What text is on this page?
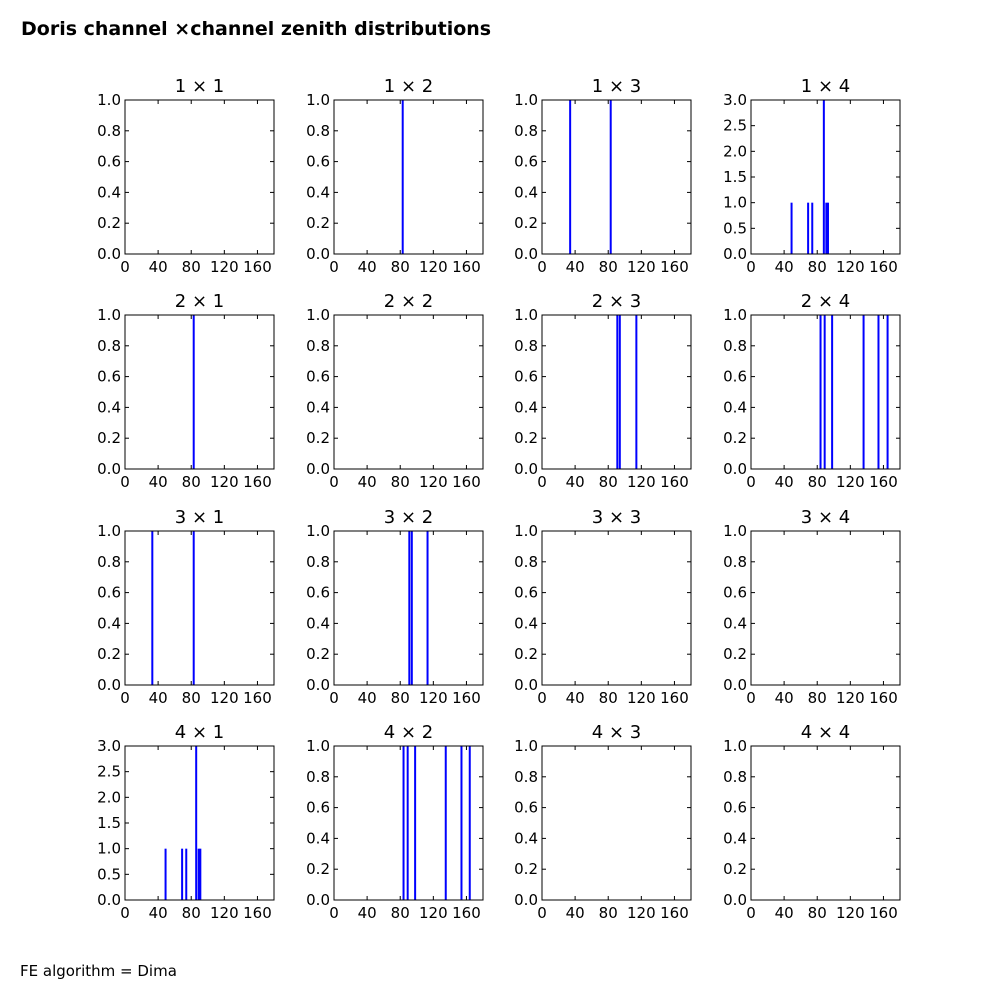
Doris channel ×channel zenith distributions
1 × 1
0.0
0.2
0.4
0.6
0.8
1.0
0 40 80 120 160
1 × 2
0.0
0.2
0.4
0.6
0.8
1.0
0 40 80 120 160
1 × 3
0.0
0.2
0.4
0.6
0.8
1.0
0 40 80 120 160
1 × 4
0.0
0.5
1.0
1.5
2.0
2.5
3.0
0 40 80 120 160
2 × 1
0.0
0.2
0.4
0.6
0.8
1.0
0 40 80 120 160
2 × 2
0.0
0.2
0.4
0.6
0.8
1.0
0 40 80 120 160
2 × 3
0.0
0.2
0.4
0.6
0.8
1.0
0 40 80 120 160
2 × 4
0.0
0.2
0.4
0.6
0.8
1.0
0 40 80 120 160
3 × 1
0.0
0.2
0.4
0.6
0.8
1.0
0 40 80 120 160
3 × 2
0.0
0.2
0.4
0.6
0.8
1.0
0 40 80 120 160
3 × 3
0.0
0.2
0.4
0.6
0.8
1.0
0 40 80 120 160
3 × 4
0.0
0.2
0.4
0.6
0.8
1.0
0 40 80 120 160
4 × 1
0.0
0.5
1.0
1.5
2.0
2.5
3.0
0 40 80 120 160
4 × 2
0.0
0.2
0.4
0.6
0.8
1.0
0 40 80 120 160
4 × 3
0.0
0.2
0.4
0.6
0.8
1.0
0 40 80 120 160
4 × 4
0.0
0.2
0.4
0.6
0.8
1.0
0 40 80 120 160
FE algorithm = Dima
